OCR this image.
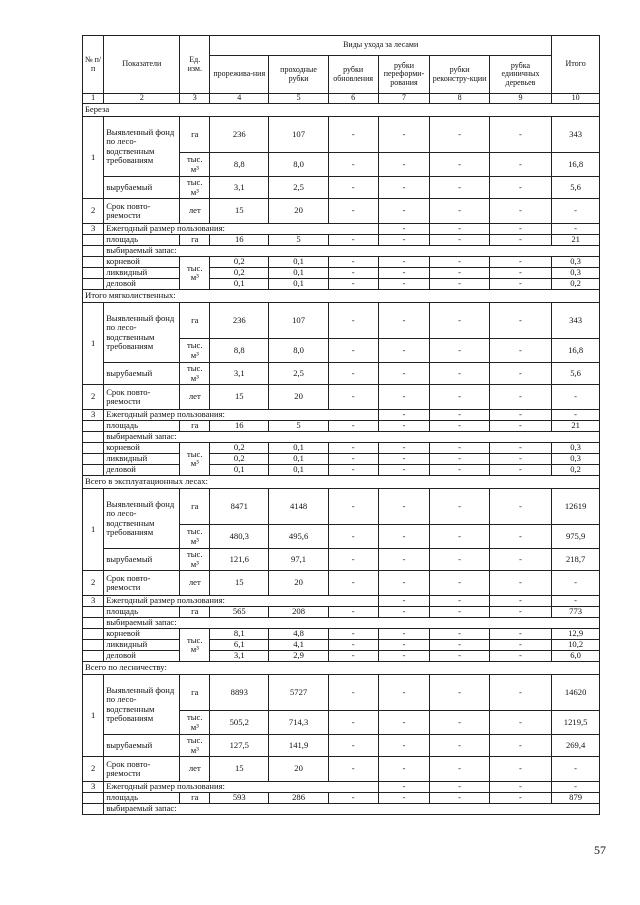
№ п/п	Показатели	Ед. изм.	Виды ухода за лесами						Итого
			прорежива-ния	проходные рубки	рубки обновления	рубки переформи-рования	рубки реконстру-кции	рубка единичных деревьев	
1	2	3	4	5	6	7	8	9	10
Береза									
1	Выявленный фонд по лесо-водственным требованиям	га	236	107	-	-	-	-	343
		тыс. м³	8,8	8,0	-	-	-	-	16,8
	вырубаемый	тыс. м³	3,1	2,5	-	-	-	-	5,6
2	Срок повто-ряемости	лет	15	20	-	-	-	-	-
3	Ежегодный размер пользования:					-	-	-	-
	площадь	га	16	5	-	-	-	-	21
	выбираемый запас:								
	корневой	тыс. м³	0,2	0,1	-	-	-	-	0,3
	ликвидный		0,2	0,1	-	-	-	-	0,3
	деловой		0,1	0,1	-	-	-	-	0,2
Итого мягколиственных:									
1	Выявленный фонд по лесо-водственным требованиям	га	236	107	-	-	-	-	343
		тыс. м³	8,8	8,0	-	-	-	-	16,8
	вырубаемый	тыс. м³	3,1	2,5	-	-	-	-	5,6
2	Срок повто-ряемости	лет	15	20	-	-	-	-	-
3	Ежегодный размер пользования:					-	-	-	-
	площадь	га	16	5	-	-	-	-	21
	выбираемый запас:								
	корневой	тыс. м³	0,2	0,1	-	-	-	-	0,3
	ликвидный		0,2	0,1	-	-	-	-	0,3
	деловой		0,1	0,1	-	-	-	-	0,2
Всего в эксплуатационных лесах:									
1	Выявленный фонд по лесо-водственным требованиям	га	8471	4148	-	-	-	-	12619
		тыс. м³	480,3	495,6	-	-	-	-	975,9
	вырубаемый	тыс. м³	121,6	97,1	-	-	-	-	218,7
2	Срок повто-ряемости	лет	15	20	-	-	-	-	-
3	Ежегодный размер пользования:					-	-	-	-
	площадь	га	565	208	-	-	-	-	773
	выбираемый запас:								
	корневой	тыс. м³	8,1	4,8	-	-	-	-	12,9
	ликвидный		6,1	4,1	-	-	-	-	10,2
	деловой		3,1	2,9	-	-	-	-	6,0
Всего по лесничеству:									
1	Выявленный фонд по лесо-водственным требованиям	га	8893	5727	-	-	-	-	14620
		тыс. м³	505,2	714,3	-	-	-	-	1219,5
	вырубаемый	тыс. м³	127,5	141,9	-	-	-	-	269,4
2	Срок повто-ряемости	лет	15	20	-	-	-	-	-
3	Ежегодный размер пользования:					-	-	-	-
	площадь	га	593	286	-	-	-	-	879
	выбираемый запас:								
57
